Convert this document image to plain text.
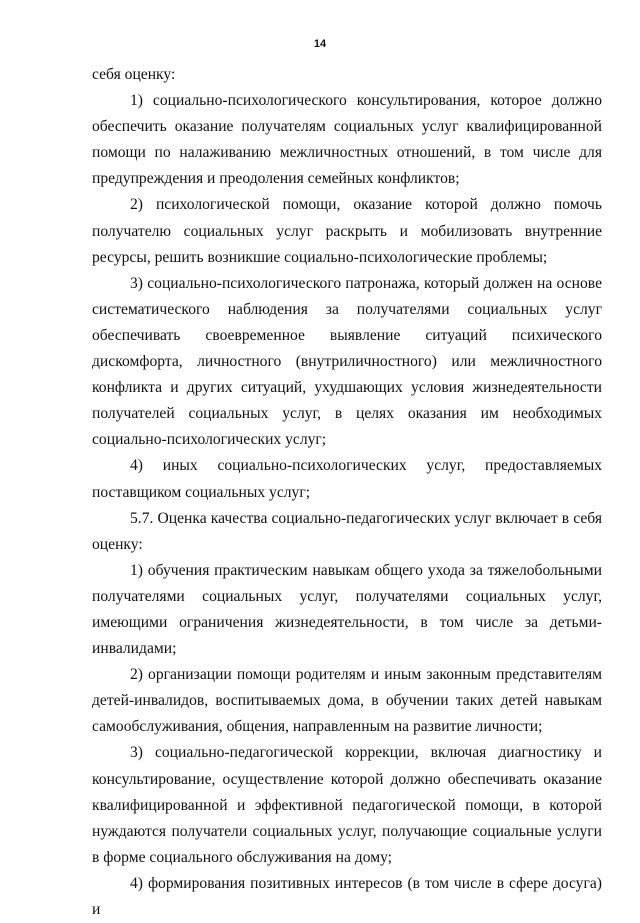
14

себя оценку:

1) социально-психологического консультирования, которое должно обеспечить оказание получателям социальных услуг квалифицированной помощи по налаживанию межличностных отношений, в том числе для предупреждения и преодоления семейных конфликтов;

2) психологической помощи, оказание которой должно помочь получателю социальных услуг раскрыть и мобилизовать внутренние ресурсы, решить возникшие социально-психологические проблемы;

3) социально-психологического патронажа, который должен на основе систематического наблюдения за получателями социальных услуг обеспечивать своевременное выявление ситуаций психического дискомфорта, личностного (внутриличностного) или межличностного конфликта и других ситуаций, ухудшающих условия жизнедеятельности получателей социальных услуг, в целях оказания им необходимых социально-психологических услуг;

4) иных социально-психологических услуг, предоставляемых поставщиком социальных услуг;

5.7. Оценка качества социально-педагогических услуг включает в себя оценку:

1) обучения практическим навыкам общего ухода за тяжелобольными получателями социальных услуг, получателями социальных услуг, имеющими ограничения жизнедеятельности, в том числе за детьми-инвалидами;

2) организации помощи родителям и иным законным представителям детей-инвалидов, воспитываемых дома, в обучении таких детей навыкам самообслуживания, общения, направленным на развитие личности;

3) социально-педагогической коррекции, включая диагностику и консультирование, осуществление которой должно обеспечивать оказание квалифицированной и эффективной педагогической помощи, в которой нуждаются получатели социальных услуг, получающие социальные услуги в форме социального обслуживания на дому;

4) формирования позитивных интересов (в том числе в сфере досуга) и
